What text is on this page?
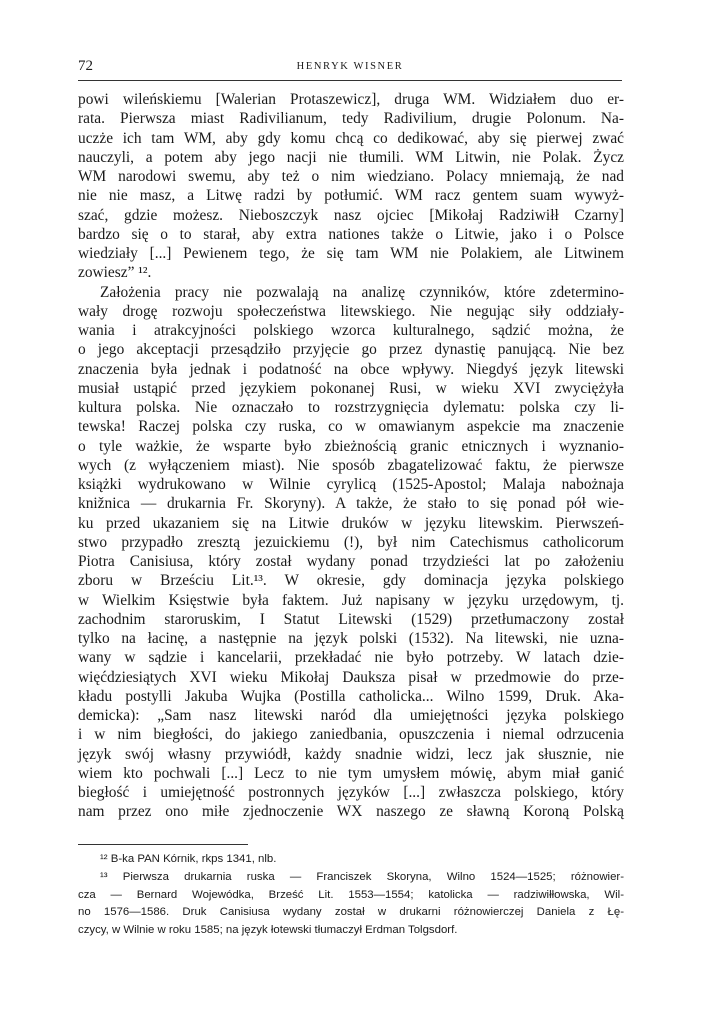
72	HENRYK WISNER
powi wileńskiemu [Walerian Protaszewicz], druga WM. Widziałem duo er-
rata. Pierwsza miast Radivilianum, tedy Radivilium, drugie Polonum. Na-
uczże ich tam WM, aby gdy komu chcą co dedikować, aby się pierwej zwać
nauczyli, a potem aby jego nacji nie tłumili. WM Litwin, nie Polak. Życz
WM narodowi swemu, aby też o nim wiedziano. Polacy mniemają, że nad
nie nie masz, a Litwę radzi by potłumić. WM racz gentem suam wywyż-
szać, gdzie możesz. Nieboszczyk nasz ojciec [Mikołaj Radziwiłł Czarny]
bardzo się o to starał, aby extra nationes także o Litwie, jako i o Polsce
wiedziały [...] Pewienem tego, że się tam WM nie Polakiem, ale Litwinem
zowiesz” ¹².
Założenia pracy nie pozwalają na analizę czynników, które zdetermino-
wały drogę rozwoju społeczeństwa litewskiego. Nie negując siły oddziały-
wania i atrakcyjności polskiego wzorca kulturalnego, sądzić można, że
o jego akceptacji przesądziło przyjęcie go przez dynastię panującą. Nie bez
znaczenia była jednak i podatność na obce wpływy. Niegdyś język litewski
musiał ustąpić przed językiem pokonanej Rusi, w wieku XVI zwyciężyła
kultura polska. Nie oznaczało to rozstrzygnięcia dylematu: polska czy li-
tewska! Raczej polska czy ruska, co w omawianym aspekcie ma znaczenie
o tyle ważkie, że wsparte było zbieżnością granic etnicznych i wyznanio-
wych (z wyłączeniem miast). Nie sposób zbagatelizować faktu, że pierwsze
książki wydrukowano w Wilnie cyrylicą (1525-Apostol; Malaja nabożnaja
knižnica — drukarnia Fr. Skoryny). A także, że stało to się ponad pół wie-
ku przed ukazaniem się na Litwie druków w języku litewskim. Pierwszeń-
stwo przypadło zresztą jezuickiemu (!), był nim Catechismus catholicorum
Piotra Canisiusa, który został wydany ponad trzydzieści lat po założeniu
zboru w Brześciu Lit.¹³. W okresie, gdy dominacja języka polskiego
w Wielkim Księstwie była faktem. Już napisany w języku urzędowym, tj.
zachodnim staroruskim, I Statut Litewski (1529) przetłumaczony został
tylko na łacinę, a następnie na język polski (1532). Na litewski, nie uzna-
wany w sądzie i kancelarii, przekładać nie było potrzeby. W latach dzie-
więćdziesiątych XVI wieku Mikołaj Dauksza pisał w przedmowie do prze-
kładu postylli Jakuba Wujka (Postilla catholicka... Wilno 1599, Druk. Aka-
demicka): „Sam nasz litewski naród dla umiejętności języka polskiego
i w nim biegłości, do jakiego zaniedbania, opuszczenia i niemal odrzucenia
język swój własny przywiódł, każdy snadnie widzi, lecz jak słusznie, nie
wiem kto pochwali [...] Lecz to nie tym umysłem mówię, abym miał ganić
biegłość i umiejętność postronnych języków [...] zwłaszcza polskiego, który
nam przez ono miłe zjednoczenie WX naszego ze sławną Koroną Polską
¹² B-ka PAN Kórnik, rkps 1341, nlb.
¹³ Pierwsza drukarnia ruska — Franciszek Skoryna, Wilno 1524—1525; różnowier-
cza — Bernard Wojewódka, Brześć Lit. 1553—1554; katolicka — radziwiłłowska, Wil-
no 1576—1586. Druk Canisiusa wydany został w drukarni różnowierczej Daniela z Łę-
czycy, w Wilnie w roku 1585; na język łotewski tłumaczył Erdman Tolgsdorf.
